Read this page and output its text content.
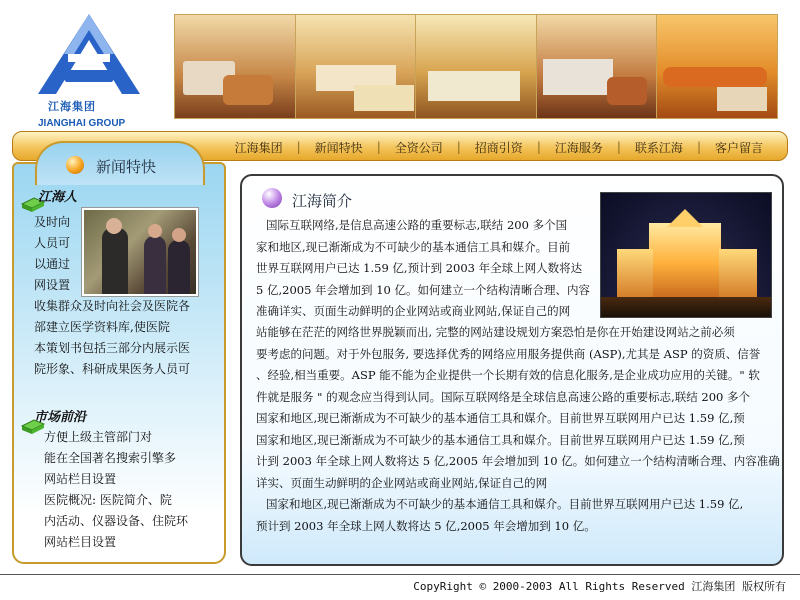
江海集团
JIANGHAI GROUP
江海集团	|	新闻特快	|	全资公司	|	招商引资	|	江海服务	|	联系江海	|	客户留言
新闻特快
江海人
及时向
人员可
以通过
网设置
收集群众及时向社会及医院各
部建立医学资料库,使医院
本策划书包括三部分内展示医
院形象、科研成果医务人员可
市场前沿
方便上级主管部门对
能在全国著名搜索引擎多
网站栏目设置
医院概况: 医院简介、院
内活动、仪器设备、住院环
网站栏目设置
江海简介
国际互联网络,是信息高速公路的重要标志,联结 200 多个国
家和地区,现已渐渐成为不可缺少的基本通信工具和媒介。目前
世界互联网用户已达 1.59 亿,预计到 2003 年全球上网人数将达
5 亿,2005 年会增加到 10 亿。如何建立一个结构清晰合理、内容
准确详实、页面生动鲜明的企业网站或商业网站,保证自己的网
站能够在茫茫的网络世界脱颖而出, 完整的网站建设规划方案恐怕是你在开始建设网站之前必须
要考虑的问题。对于外包服务, 要选择优秀的网络应用服务提供商 (ASP),尤其是 ASP 的资质、信誉
、经验,相当重要。ASP 能不能为企业提供一个长期有效的信息化服务,是企业成功应用的关键。" 软
件就是服务 " 的观念应当得到认同。国际互联网络是全球信息高速公路的重要标志,联结 200 多个
国家和地区,现已渐渐成为不可缺少的基本通信工具和媒介。目前世界互联网用户已达 1.59 亿,预
国家和地区,现已渐渐成为不可缺少的基本通信工具和媒介。目前世界互联网用户已达 1.59 亿,预
计到 2003 年全球上网人数将达 5 亿,2005 年会增加到 10 亿。如何建立一个结构清晰合理、内容准确
详实、页面生动鲜明的企业网站或商业网站,保证自己的网
国家和地区,现已渐渐成为不可缺少的基本通信工具和媒介。目前世界互联网用户已达 1.59 亿,
预计到 2003 年全球上网人数将达 5 亿,2005 年会增加到 10 亿。
CopyRight © 2000-2003 All Rights Reserved 江海集团 版权所有
